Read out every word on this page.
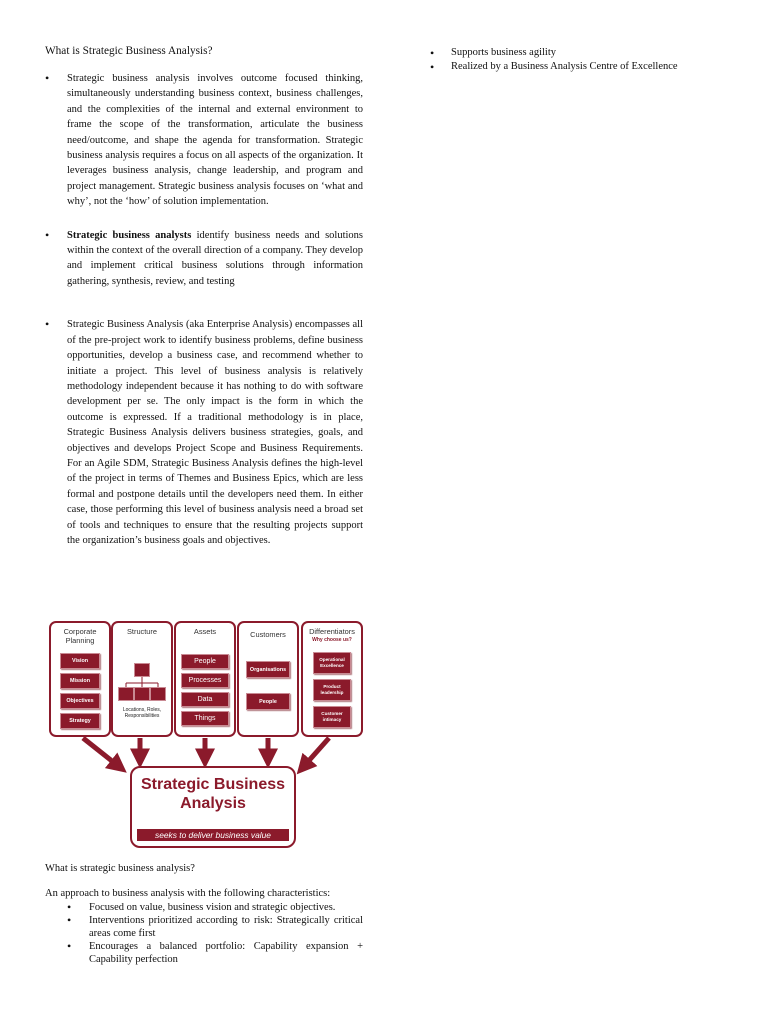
What is Strategic Business Analysis?
• Strategic business analysis involves outcome focused thinking, simultaneously understanding business context, business challenges, and the complexities of the internal and external environment to frame the scope of the transformation, articulate the business need/outcome, and shape the agenda for transformation. Strategic business analysis requires a focus on all aspects of the organization. It leverages business analysis, change leadership, and program and project management. Strategic business analysis focuses on ‘what and why’, not the ‘how’ of solution implementation.
• Strategic business analysts identify business needs and solutions within the context of the overall direction of a company. They develop and implement critical business solutions through information gathering, synthesis, review, and testing
• Strategic Business Analysis (aka Enterprise Analysis) encompasses all of the pre-project work to identify business problems, define business opportunities, develop a business case, and recommend whether to initiate a project. This level of business analysis is relatively methodology independent because it has nothing to do with software development per se. The only impact is the form in which the outcome is expressed. If a traditional methodology is in place, Strategic Business Analysis delivers business strategies, goals, and objectives and develops Project Scope and Business Requirements. For an Agile SDM, Strategic Business Analysis defines the high-level of the project in terms of Themes and Business Epics, which are less formal and postpone details until the developers need them. In either case, those performing this level of business analysis need a broad set of tools and techniques to ensure that the resulting projects support the organization’s business goals and objectives.
• Supports business agility
• Realized by a Business Analysis Centre of Excellence
Corporate Planning
Vision
Mission
Objectives
Strategy
Structure
Locations, Roles, Responsibilities
Assets
People
Processes
Data
Things
Customers
Organisations
People
Differentiators
Why choose us?
Operational Excellence
Product leadership
Customer intimacy
Strategic Business Analysis
seeks to deliver business value
What is strategic business analysis?
An approach to business analysis with the following characteristics:
• Focused on value, business vision and strategic objectives.
• Interventions prioritized according to risk: Strategically critical areas come first
• Encourages a balanced portfolio: Capability expansion + Capability perfection
